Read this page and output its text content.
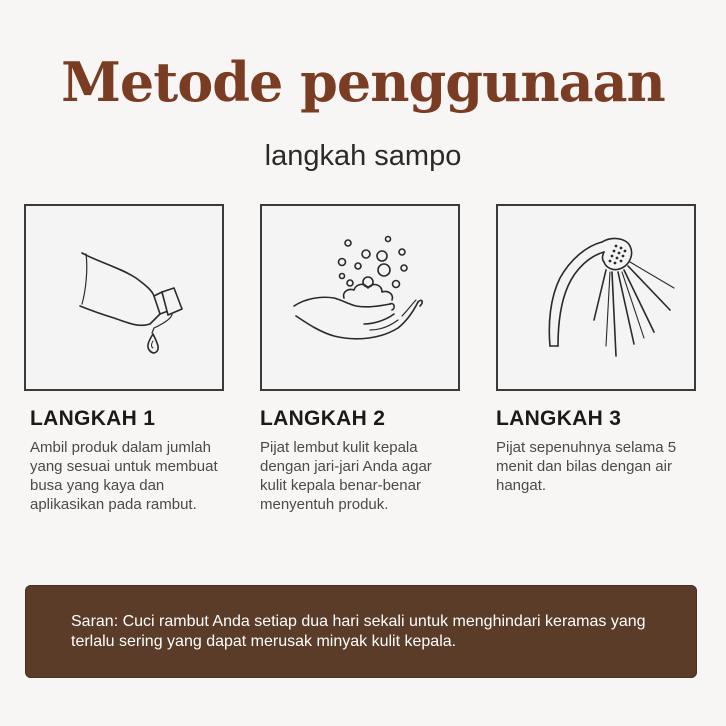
Metode penggunaan
langkah sampo
LANGKAH 1
Ambil produk dalam jumlah yang sesuai untuk membuat busa yang kaya dan aplikasikan pada rambut.
LANGKAH 2
Pijat lembut kulit kepala dengan jari-jari Anda agar kulit kepala benar-benar menyentuh produk.
LANGKAH 3
Pijat sepenuhnya selama 5 menit dan bilas dengan air hangat.
Saran: Cuci rambut Anda setiap dua hari sekali untuk menghindari keramas yang terlalu sering yang dapat merusak minyak kulit kepala.
